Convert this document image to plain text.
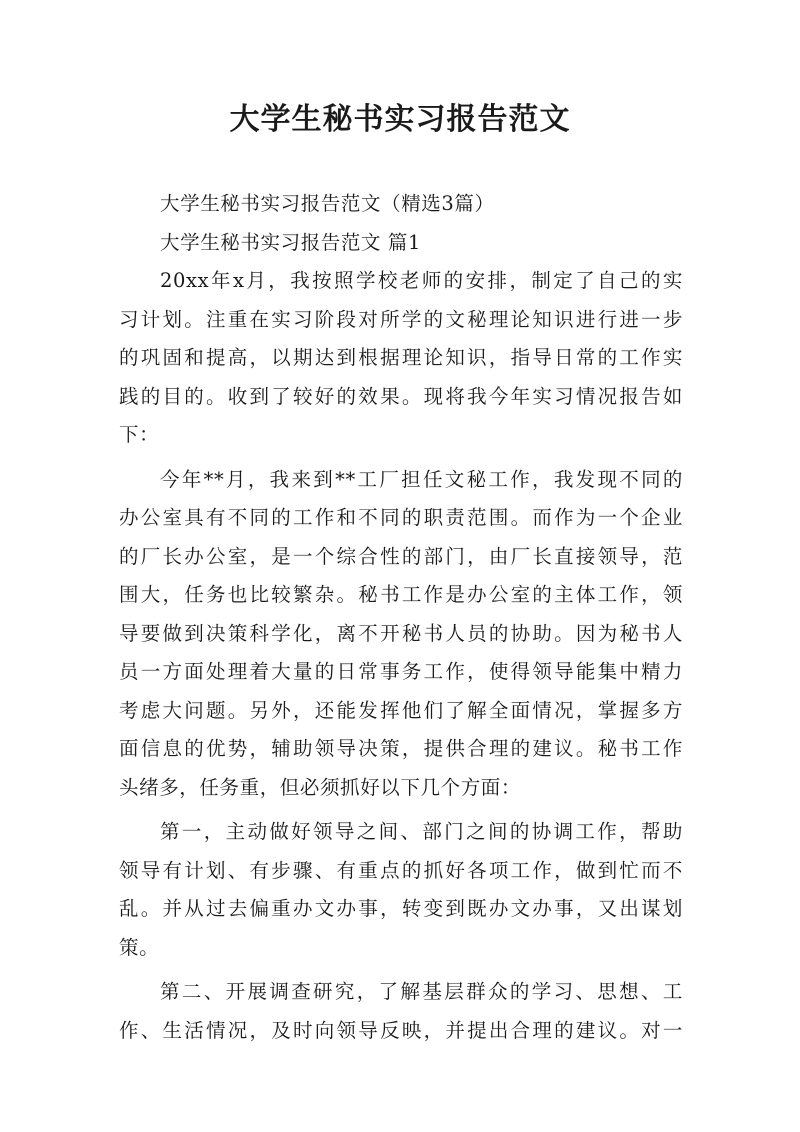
大学生秘书实习报告范文
大学生秘书实习报告范文（精选3篇）
大学生秘书实习报告范文 篇1
20xx年x月，我按照学校老师的安排，制定了自己的实
习计划。注重在实习阶段对所学的文秘理论知识进行进一步
的巩固和提高，以期达到根据理论知识，指导日常的工作实
践的目的。收到了较好的效果。现将我今年实习情况报告如
下：
今年**月，我来到**工厂担任文秘工作，我发现不同的
办公室具有不同的工作和不同的职责范围。而作为一个企业
的厂长办公室，是一个综合性的部门，由厂长直接领导，范
围大，任务也比较繁杂。秘书工作是办公室的主体工作，领
导要做到决策科学化，离不开秘书人员的协助。因为秘书人
员一方面处理着大量的日常事务工作，使得领导能集中精力
考虑大问题。另外，还能发挥他们了解全面情况，掌握多方
面信息的优势，辅助领导决策，提供合理的建议。秘书工作
头绪多，任务重，但必须抓好以下几个方面：
第一，主动做好领导之间、部门之间的协调工作，帮助
领导有计划、有步骤、有重点的抓好各项工作，做到忙而不
乱。并从过去偏重办文办事，转变到既办文办事，又出谋划
策。
第二、开展调查研究，了解基层群众的学习、思想、工
作、生活情况，及时向领导反映，并提出合理的建议。对一
